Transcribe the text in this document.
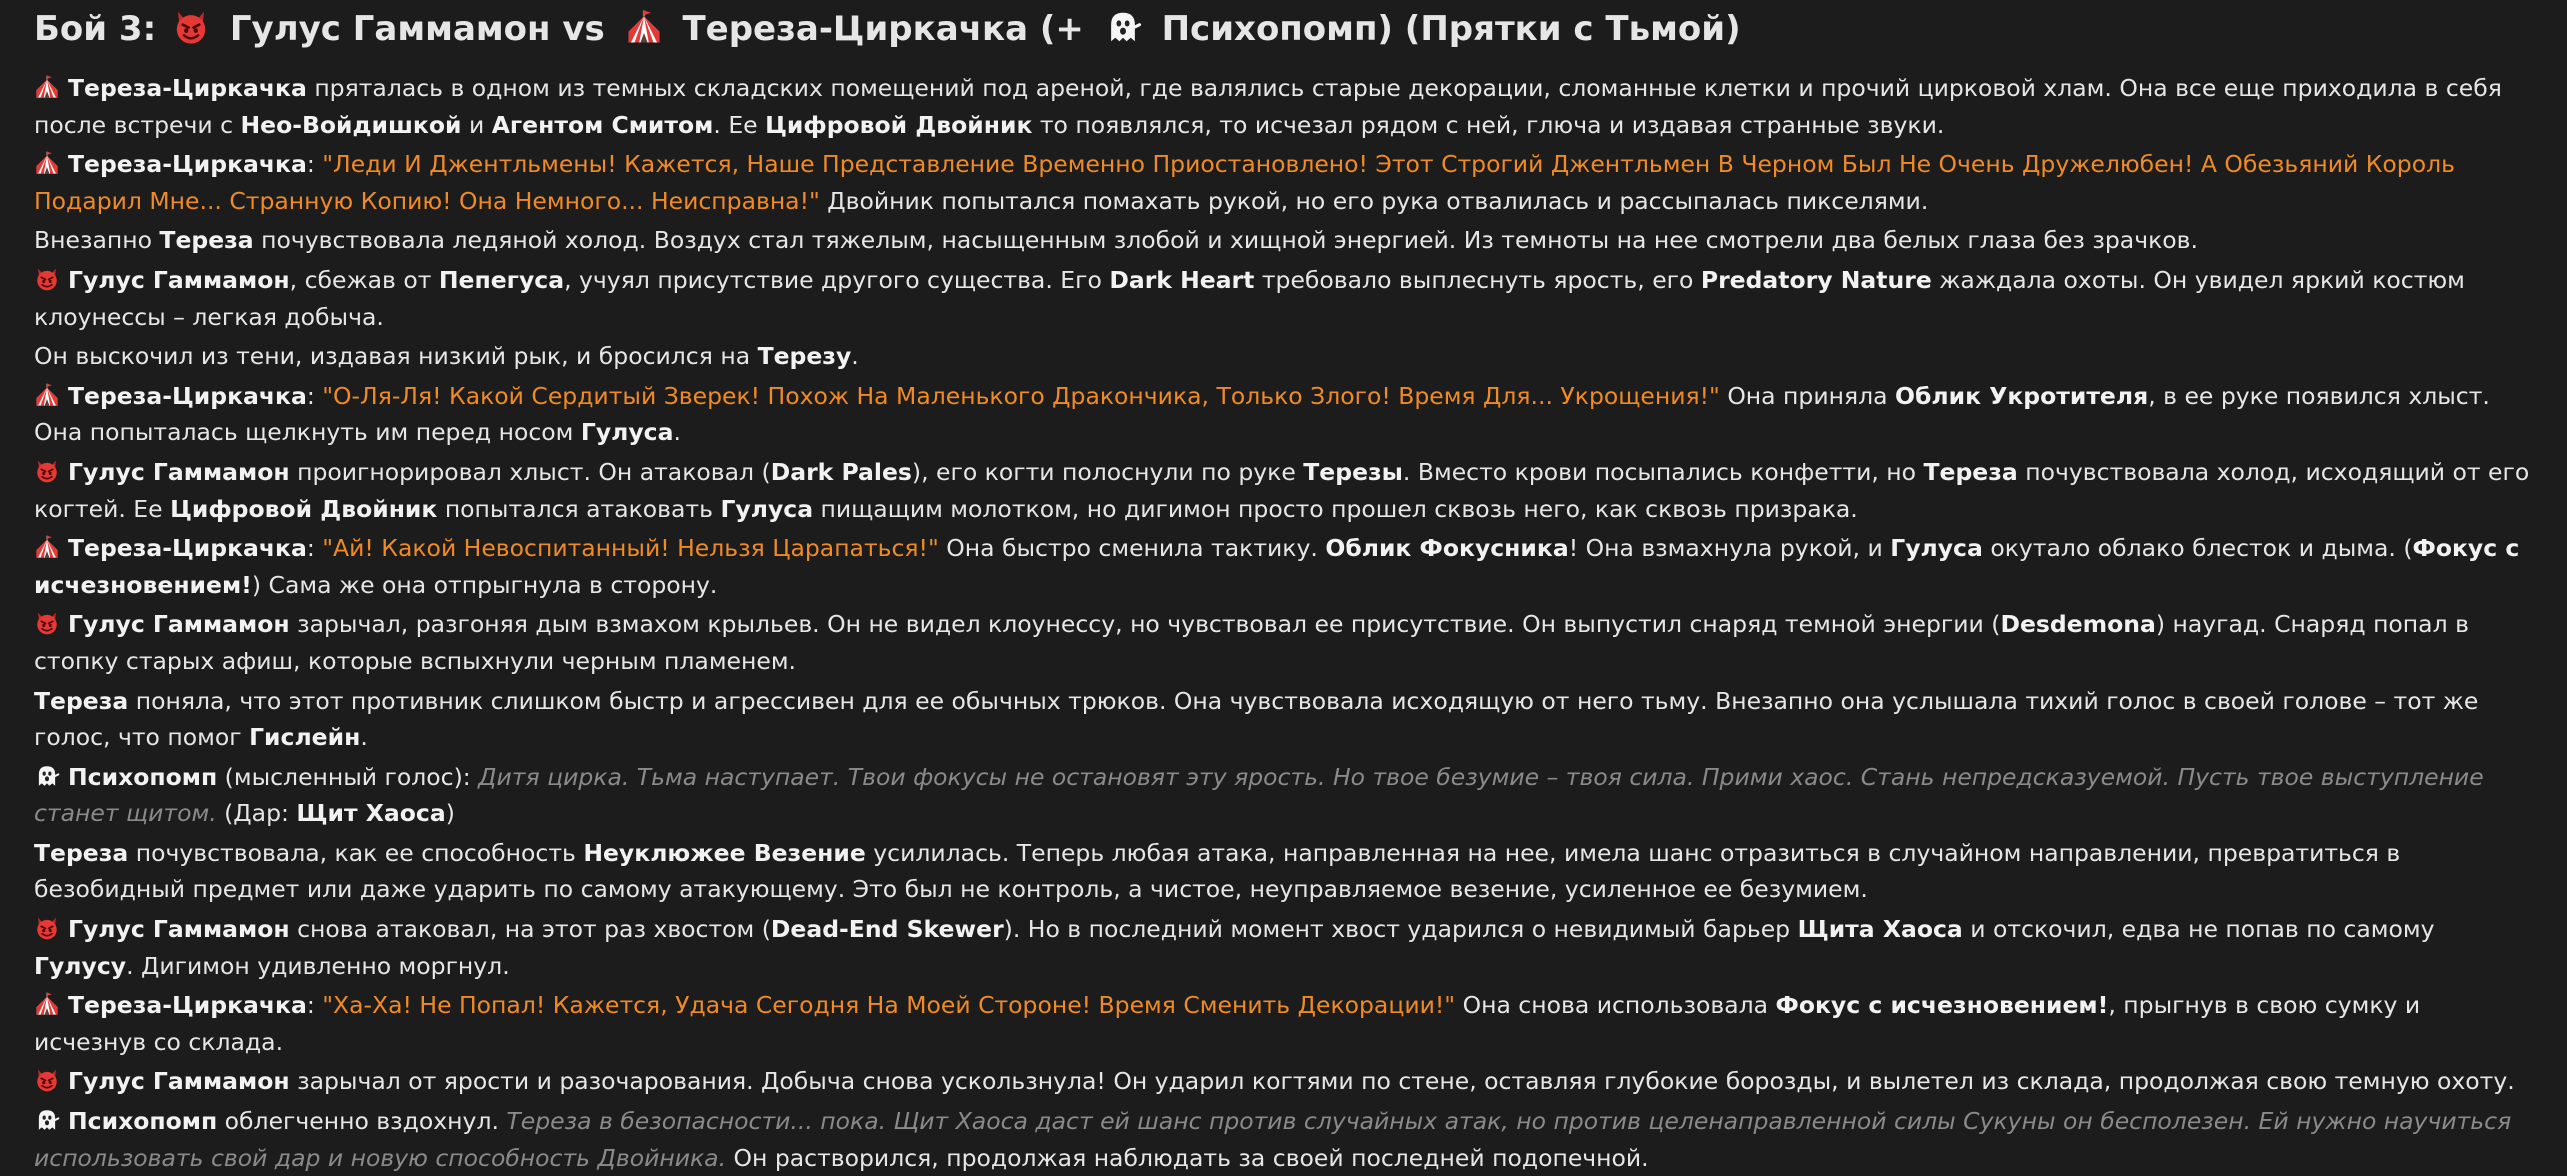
Бой 3: Гулус Гаммамон vs Тереза-Циркачка (+ Психопомп) (Прятки с Тьмой)
Тереза-Циркачка пряталась в одном из темных складских помещений под ареной, где валялись старые декорации, сломанные клетки и прочий цирковой хлам. Она все еще приходила в себя после встречи с Нео-Войдишкой и Агентом Смитом. Ее Цифровой Двойник то появлялся, то исчезал рядом с ней, глюча и издавая странные звуки.
Тереза-Циркачка: "Леди И Джентльмены! Кажется, Наше Представление Временно Приостановлено! Этот Строгий Джентльмен В Черном Был Не Очень Дружелюбен! А Обезьяний Король Подарил Мне... Странную Копию! Она Немного... Неисправна!" Двойник попытался помахать рукой, но его рука отвалилась и рассыпалась пикселями.
Внезапно Тереза почувствовала ледяной холод. Воздух стал тяжелым, насыщенным злобой и хищной энергией. Из темноты на нее смотрели два белых глаза без зрачков.
Гулус Гаммамон, сбежав от Пепегуса, учуял присутствие другого существа. Его Dark Heart требовало выплеснуть ярость, его Predatory Nature жаждала охоты. Он увидел яркий костюм клоунессы – легкая добыча.
Он выскочил из тени, издавая низкий рык, и бросился на Терезу.
Тереза-Циркачка: "О-Ля-Ля! Какой Сердитый Зверек! Похож На Маленького Дракончика, Только Злого! Время Для... Укрощения!" Она приняла Облик Укротителя, в ее руке появился хлыст. Она попыталась щелкнуть им перед носом Гулуса.
Гулус Гаммамон проигнорировал хлыст. Он атаковал (Dark Pales), его когти полоснули по руке Терезы. Вместо крови посыпались конфетти, но Тереза почувствовала холод, исходящий от его когтей. Ее Цифровой Двойник попытался атаковать Гулуса пищащим молотком, но дигимон просто прошел сквозь него, как сквозь призрака.
Тереза-Циркачка: "Ай! Какой Невоспитанный! Нельзя Царапаться!" Она быстро сменила тактику. Облик Фокусника! Она взмахнула рукой, и Гулуса окутало облако блесток и дыма. (Фокус с исчезновением!) Сама же она отпрыгнула в сторону.
Гулус Гаммамон зарычал, разгоняя дым взмахом крыльев. Он не видел клоунессу, но чувствовал ее присутствие. Он выпустил снаряд темной энергии (Desdemona) наугад. Снаряд попал в стопку старых афиш, которые вспыхнули черным пламенем.
Тереза поняла, что этот противник слишком быстр и агрессивен для ее обычных трюков. Она чувствовала исходящую от него тьму. Внезапно она услышала тихий голос в своей голове – тот же голос, что помог Гислейн.
Психопомп (мысленный голос): Дитя цирка. Тьма наступает. Твои фокусы не остановят эту ярость. Но твое безумие – твоя сила. Прими хаос. Стань непредсказуемой. Пусть твое выступление станет щитом. (Дар: Щит Хаоса)
Тереза почувствовала, как ее способность Неуклюжее Везение усилилась. Теперь любая атака, направленная на нее, имела шанс отразиться в случайном направлении, превратиться в безобидный предмет или даже ударить по самому атакующему. Это был не контроль, а чистое, неуправляемое везение, усиленное ее безумием.
Гулус Гаммамон снова атаковал, на этот раз хвостом (Dead-End Skewer). Но в последний момент хвост ударился о невидимый барьер Щита Хаоса и отскочил, едва не попав по самому Гулусу. Дигимон удивленно моргнул.
Тереза-Циркачка: "Ха-Ха! Не Попал! Кажется, Удача Сегодня На Моей Стороне! Время Сменить Декорации!" Она снова использовала Фокус с исчезновением!, прыгнув в свою сумку и исчезнув со склада.
Гулус Гаммамон зарычал от ярости и разочарования. Добыча снова ускользнула! Он ударил когтями по стене, оставляя глубокие борозды, и вылетел из склада, продолжая свою темную охоту.
Психопомп облегченно вздохнул. Тереза в безопасности... пока. Щит Хаоса даст ей шанс против случайных атак, но против целенаправленной силы Сукуны он бесполезен. Ей нужно научиться использовать свой дар и новую способность Двойника. Он растворился, продолжая наблюдать за своей последней подопечной.
